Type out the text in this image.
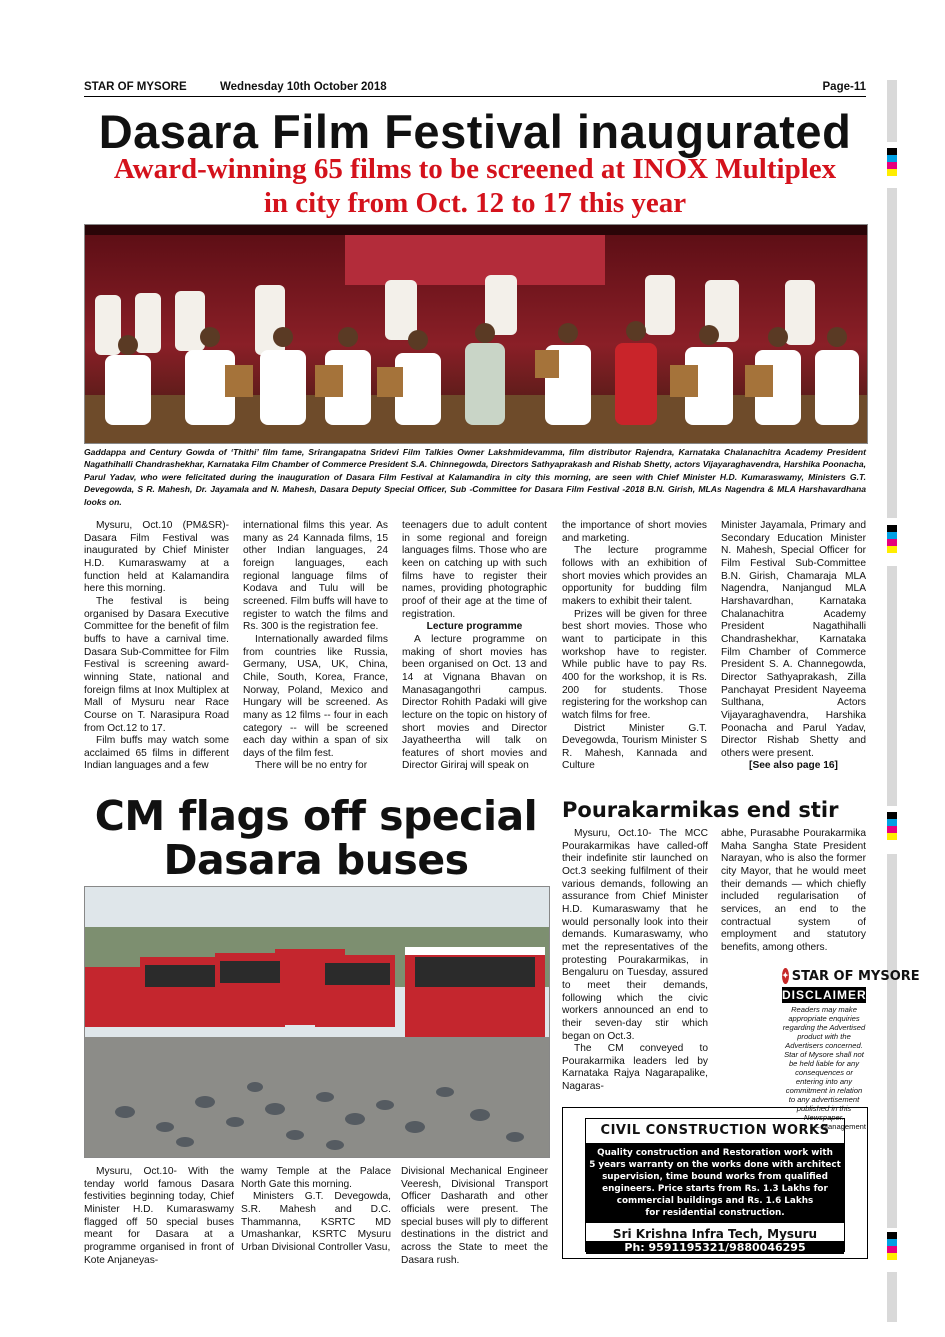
STAR OF MYSORE	Wednesday 10th October 2018	Page-11
Dasara Film Festival inaugurated
Award-winning 65 films to be screened at INOX Multiplex
in city from Oct. 12 to 17 this year
Gaddappa and Century Gowda of ‘Thithi’ film fame, Srirangapatna Sridevi Film Talkies Owner Lakshmidevamma, film distributor Rajendra, Karnataka Chalanachitra Academy President Nagathihalli Chandrashekhar, Karnataka Film Chamber of Commerce President S.A. Chinnegowda, Directors Sathyaprakash and Rishab Shetty, actors Vijayaraghavendra, Harshika Poonacha, Parul Yadav, who were felicitated during the inauguration of Dasara Film Festival at Kalamandira in city this morning, are seen with Chief Minister H.D. Kumaraswamy, Ministers G.T. Devegowda, S R. Mahesh, Dr. Jayamala and N. Mahesh, Dasara Deputy Special Officer, Sub -Committee for Dasara Film Festival -2018 B.N. Girish, MLAs Nagendra & MLA Harshavardhana looks on.

Mysuru, Oct.10 (PM&SR)- Dasara Film Festival was inaugurated by Chief Minister H.D. Kumaraswamy at a function held at Kalamandira here this morning.

The festival is being organised by Dasara Executive Committee for the benefit of film buffs to have a carnival time. Dasara Sub-Committee for Film Festival is screening award-winning State, national and foreign films at Inox Multiplex at Mall of Mysuru near Race Course on T. Narasipura Road from Oct.12 to 17.

Film buffs may watch some acclaimed 65 films in different Indian languages and a few

international films this year. As many as 24 Kannada films, 15 other Indian languages, 24 foreign languages, each regional language films of Kodava and Tulu will be screened. Film buffs will have to register to watch the films and Rs. 300 is the registration fee.

Internationally awarded films from countries like Russia, Germany, USA, UK, China, Chile, South, Korea, France, Norway, Poland, Mexico and Hungary will be screened. As many as 12 films -- four in each category -- will be screened each day within a span of six days of the film fest.

There will be no entry for

teenagers due to adult content in some regional and foreign languages films. Those who are keen on catching up with such films have to register their names, providing photographic proof of their age at the time of registration.

Lecture programme

A lecture programme on making of short movies has been organised on Oct. 13 and 14 at Vignana Bhavan on Manasagangothri campus. Director Rohith Padaki will give lecture on the topic on history of short movies and Director Jayatheertha will talk on features of short movies and Director Giriraj will speak on

the importance of short movies and marketing.

The lecture programme follows with an exhibition of short movies which provides an opportunity for budding film makers to exhibit their talent.

Prizes will be given for three best short movies. Those who want to participate in this workshop have to register. While public have to pay Rs. 400 for the workshop, it is Rs. 200 for students. Those registering for the workshop can watch films for free.

District Minister G.T. Devegowda, Tourism Minister S R. Mahesh, Kannada and Culture

Minister Jayamala, Primary and Secondary Education Minister N. Mahesh, Special Officer for Film Festival Sub-Committee B.N. Girish, Chamaraja MLA Nagendra, Nanjangud MLA Harshavardhan, Karnataka Chalanachitra Academy President Nagathihalli Chandrashekhar, Karnataka Film Chamber of Commerce President S. A. Channegowda, Director Sathyaprakash, Zilla Panchayat President Nayeema Sulthana, Actors Vijayaraghavendra, Harshika Poonacha and Parul Yadav, Director Rishab Shetty and others were present.

[See also page 16]

CM flags off special
Dasara buses

Mysuru, Oct.10- With the tenday world famous Dasara festivities beginning today, Chief Minister H.D. Kumaraswamy flagged off 50 special buses meant for Dasara at a programme organised in front of Kote Anjaneyas-

wamy Temple at the Palace North Gate this morning.

Ministers G.T. Devegowda, S.R. Mahesh and D.C. Thammanna, KSRTC MD Umashankar, KSRTC Mysuru Urban Divisional Controller Vasu,

Divisional Mechanical Engineer Veeresh, Divisional Transport Officer Dasharath and other officials were present. The special buses will ply to different destinations in the district and across the State to meet the Dasara rush.

Pourakarmikas end stir

Mysuru, Oct.10- The MCC Pourakarmikas have called-off their indefinite stir launched on Oct.3 seeking fulfilment of their various demands, following an assurance from Chief Minister H.D. Kumaraswamy that he would personally look into their demands. Kumaraswamy, who met the representatives of the protesting Pourakarmikas, in Bengaluru on Tuesday, assured to meet their demands, following which the civic workers announced an end to their seven-day stir which began on Oct.3.

The CM conveyed to Pourakarmika leaders led by Karnataka Rajya Nagarapalike, Nagaras-

abhe, Purasabhe Pourakarmika Maha Sangha State President Narayan, who is also the former city Mayor, that he would meet their demands — which chiefly included regularisation of services, an end to the contractual system of employment and statutory benefits, among others.

✦ STAR OF MYSORE
DISCLAIMER
Readers may make appropriate enquiries regarding the Advertised product with the Advertisers concerned. Star of Mysore shall not be held liable for any consequences or entering into any commitment in relation to any advertisement published in this Newspaper.
— Management
CIVIL CONSTRUCTION WORKS
Quality construction and Restoration work with
5 years warranty on the works done with architect
supervision, time bound works from qualified
engineers. Price starts from Rs. 1.3 Lakhs for
commercial buildings and Rs. 1.6 Lakhs
for residential construction.
Sri Krishna Infra Tech, Mysuru
Ph: 9591195321/9880046295
